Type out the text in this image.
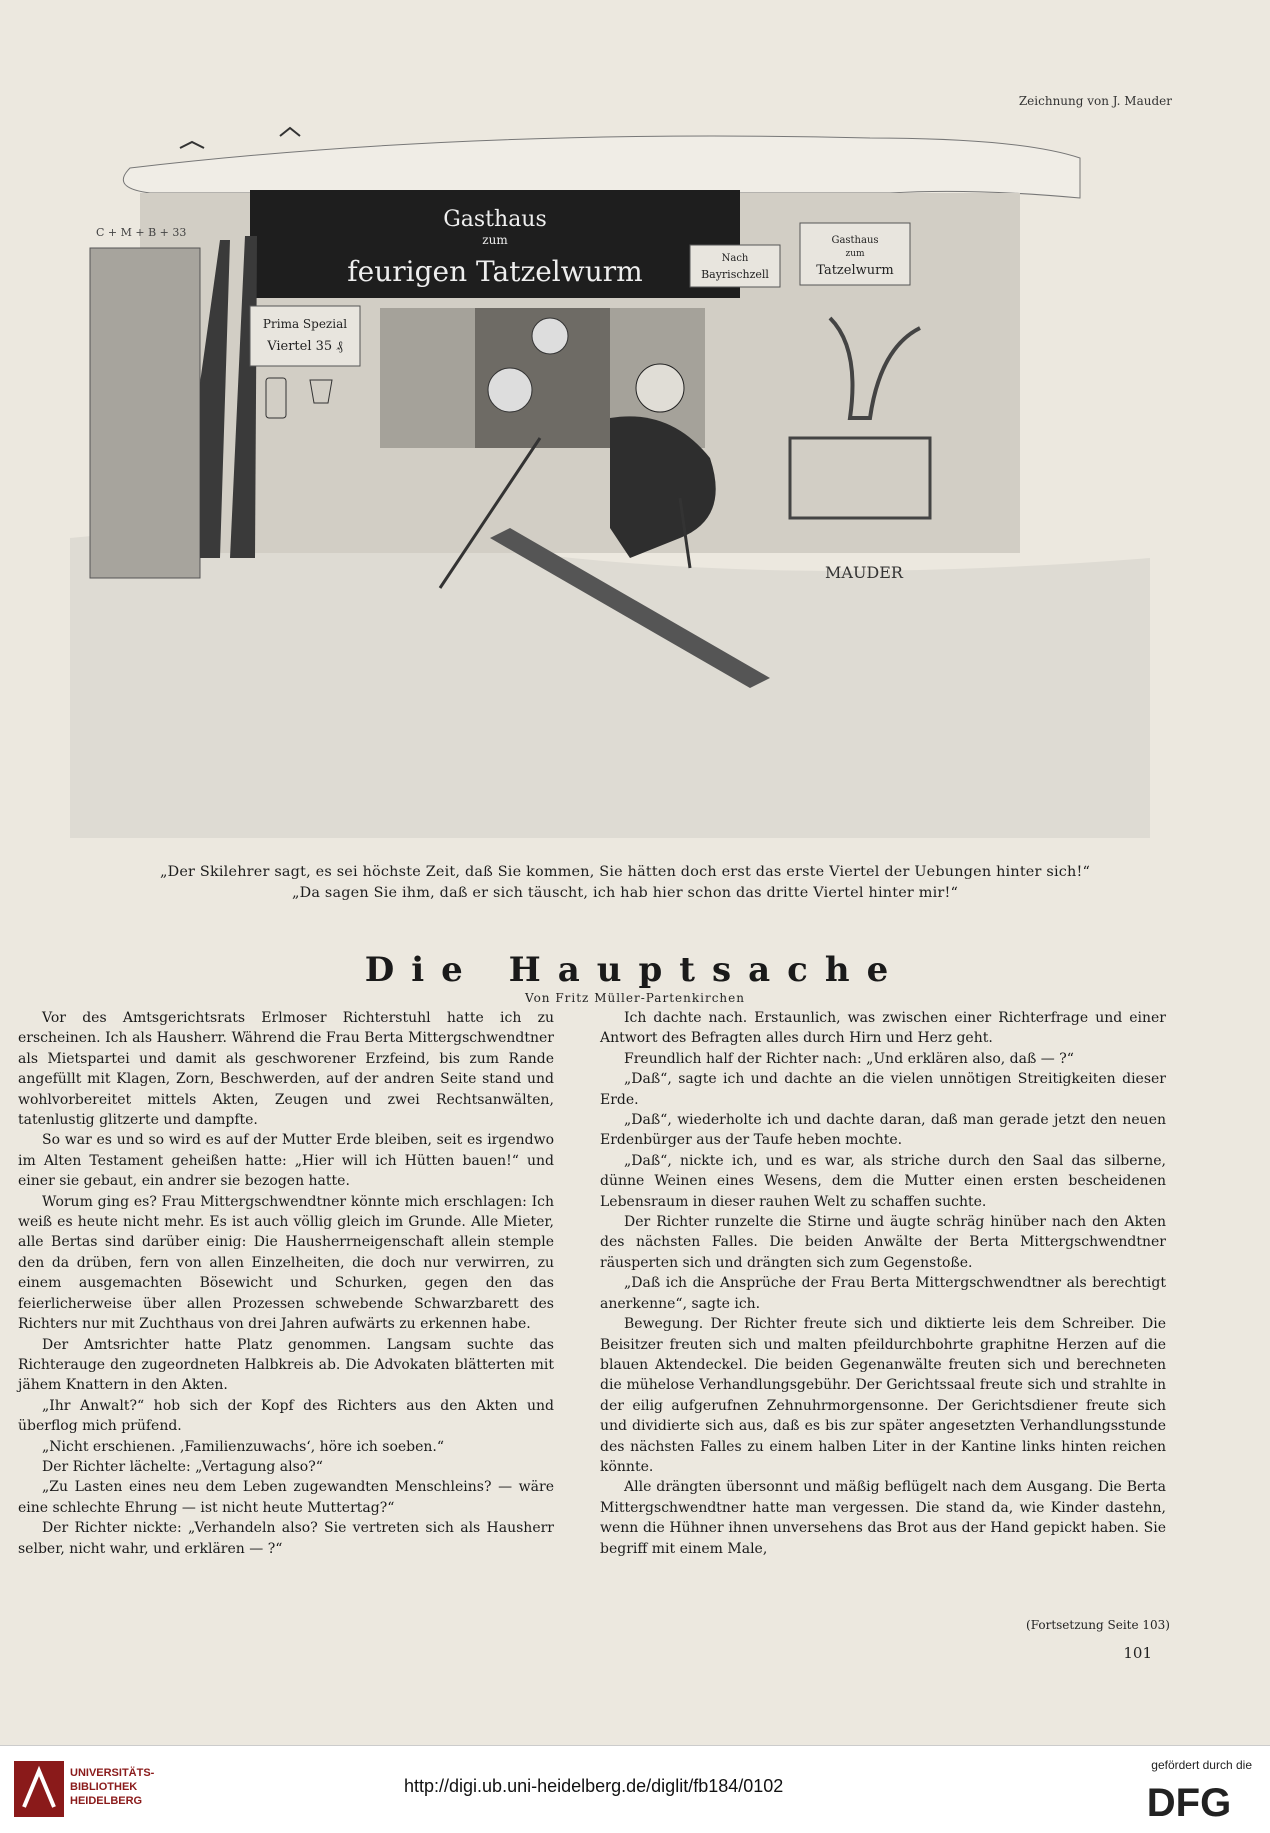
Zeichnung von J. Mauder
C + M + B + 33
Gasthaus
zum
feurigen Tatzelwurm
Prima Spezial
Viertel 35 ₰
Nach
Bayrischzell
Gasthaus
zum
Tatzelwurm
MAUDER
„Der Skilehrer sagt, es sei höchste Zeit, daß Sie kommen, Sie hätten doch erst das erste Viertel der Uebungen hinter sich!“
„Da sagen Sie ihm, daß er sich täuscht, ich hab hier schon das dritte Viertel hinter mir!“
Die Hauptsache
Von Fritz Müller-Partenkirchen

Vor des Amtsgerichtsrats Erlmoser Richterstuhl hatte ich zu erscheinen. Ich als Hausherr. Während die Frau Berta Mittergschwendtner als Mietspartei und damit als geschworener Erzfeind, bis zum Rande angefüllt mit Klagen, Zorn, Beschwerden, auf der andren Seite stand und wohlvorbereitet mittels Akten, Zeugen und zwei Rechtsanwälten, tatenlustig glitzerte und dampfte.

So war es und so wird es auf der Mutter Erde bleiben, seit es irgendwo im Alten Testament geheißen hatte: „Hier will ich Hütten bauen!“ und einer sie gebaut, ein andrer sie bezogen hatte.

Worum ging es? Frau Mittergschwendtner könnte mich erschlagen: Ich weiß es heute nicht mehr. Es ist auch völlig gleich im Grunde. Alle Mieter, alle Bertas sind darüber einig: Die Hausherrneigenschaft allein stemple den da drüben, fern von allen Einzelheiten, die doch nur verwirren, zu einem ausgemachten Bösewicht und Schurken, gegen den das feierlicherweise über allen Prozessen schwebende Schwarzbarett des Richters nur mit Zuchthaus von drei Jahren aufwärts zu erkennen habe.

Der Amtsrichter hatte Platz genommen. Langsam suchte das Richterauge den zugeordneten Halbkreis ab. Die Advokaten blätterten mit jähem Knattern in den Akten.

„Ihr Anwalt?“ hob sich der Kopf des Richters aus den Akten und überflog mich prüfend.

„Nicht erschienen. ‚Familienzuwachs‘, höre ich soeben.“

Der Richter lächelte: „Vertagung also?“

„Zu Lasten eines neu dem Leben zugewandten Menschleins? — wäre eine schlechte Ehrung — ist nicht heute Muttertag?“

Der Richter nickte: „Verhandeln also? Sie vertreten sich als Hausherr selber, nicht wahr, und erklären — ?“

Ich dachte nach. Erstaunlich, was zwischen einer Richterfrage und einer Antwort des Befragten alles durch Hirn und Herz geht.

Freundlich half der Richter nach: „Und erklären also, daß — ?“

„Daß“, sagte ich und dachte an die vielen unnötigen Streitigkeiten dieser Erde.

„Daß“, wiederholte ich und dachte daran, daß man gerade jetzt den neuen Erdenbürger aus der Taufe heben mochte.

„Daß“, nickte ich, und es war, als striche durch den Saal das silberne, dünne Weinen eines Wesens, dem die Mutter einen ersten bescheidenen Lebensraum in dieser rauhen Welt zu schaffen suchte.

Der Richter runzelte die Stirne und äugte schräg hinüber nach den Akten des nächsten Falles. Die beiden Anwälte der Berta Mittergschwendtner räusperten sich und drängten sich zum Gegenstoße.

„Daß ich die Ansprüche der Frau Berta Mittergschwendtner als berechtigt anerkenne“, sagte ich.

Bewegung. Der Richter freute sich und diktierte leis dem Schreiber. Die Beisitzer freuten sich und malten pfeildurchbohrte graphitne Herzen auf die blauen Aktendeckel. Die beiden Gegenanwälte freuten sich und berechneten die mühelose Verhandlungsgebühr. Der Gerichtssaal freute sich und strahlte in der eilig aufgerufnen Zehnuhrmorgensonne. Der Gerichtsdiener freute sich und dividierte sich aus, daß es bis zur später angesetzten Verhandlungsstunde des nächsten Falles zu einem halben Liter in der Kantine links hinten reichen könnte.

Alle drängten übersonnt und mäßig beflügelt nach dem Ausgang. Die Berta Mittergschwendtner hatte man vergessen. Die stand da, wie Kinder dastehn, wenn die Hühner ihnen unversehens das Brot aus der Hand gepickt haben. Sie begriff mit einem Male,

(Fortsetzung Seite 103)
101
UNIVERSITÄTS-
BIBLIOTHEK
HEIDELBERG
http://digi.ub.uni-heidelberg.de/diglit/fb184/0102
gefördert durch die
DFG
